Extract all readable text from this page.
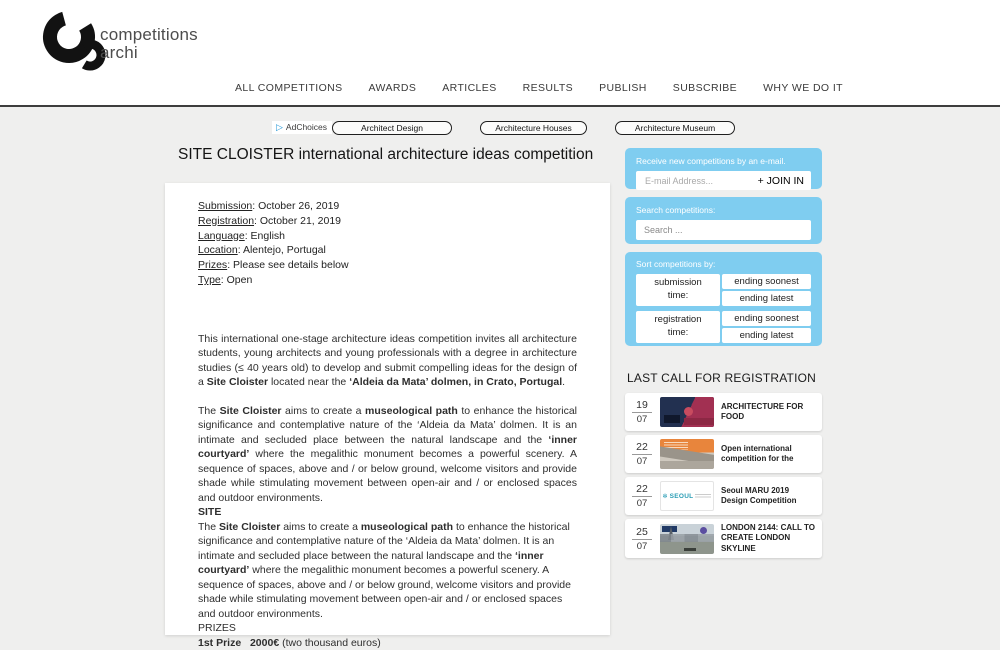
competitions
archi
ALL COMPETITIONS AWARDS ARTICLES RESULTS PUBLISH SUBSCRIBE WHY WE DO IT
▷ AdChoices	Architect Design	Architecture Houses	Architecture Museum
SITE CLOISTER international architecture ideas competition
Submission: October 26, 2019
Registration: October 21, 2019
Language: English
Location: Alentejo, Portugal
Prizes: Please see details below
Type: Open

This international one-stage architecture ideas competition invites all architecture students, young architects and young professionals with a degree in architecture studies (≤ 40 years old) to develop and submit compelling ideas for the design of a Site Cloister located near the ‘Aldeia da Mata’ dolmen, in Crato, Portugal.

The Site Cloister aims to create a museological path to enhance the historical significance and contemplative nature of the ‘Aldeia da Mata’ dolmen. It is an intimate and secluded place between the natural landscape and the ‘inner courtyard’ where the megalithic monument becomes a powerful scenery. A sequence of spaces, above and / or below ground, welcome visitors and provide shade while stimulating movement between open-air and / or enclosed spaces and outdoor environments.

SITE

The Site Cloister aims to create a museological path to enhance the historical significance and contemplative nature of the ‘Aldeia da Mata’ dolmen. It is an intimate and secluded place between the natural landscape and the ‘inner courtyard’ where the megalithic monument becomes a powerful scenery. A sequence of spaces, above and / or below ground, welcome visitors and provide shade while stimulating movement between open-air and / or enclosed spaces and outdoor environments.

PRIZES

1st Prize 2000€ (two thousand euros)

Receive new competitions by an e-mail.
E-mail Address...
+ JOIN IN
Search competitions:
Search ...
Sort competitions by:
submission
time:
ending soonest
ending latest
registration
time:
ending soonest
ending latest
LAST CALL FOR REGISTRATION
19
07
ARCHITECTURE FOR FOOD
22
07
Open international competition for the
22
07
✻ SEOUL
Seoul MARU 2019 Design Competition
25
07
LONDON 2144: CALL TO CREATE LONDON SKYLINE
